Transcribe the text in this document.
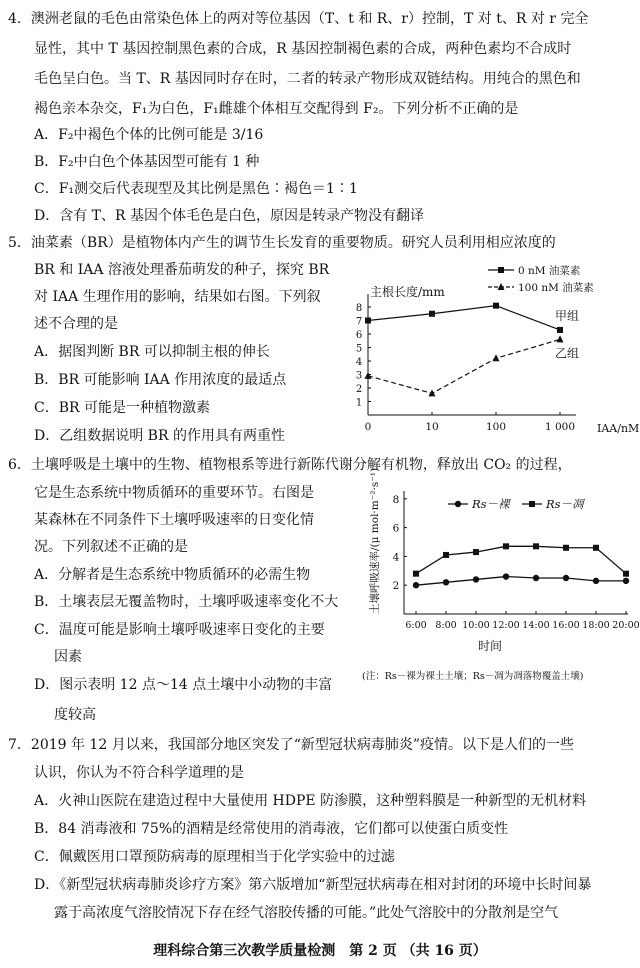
4．澳洲老鼠的毛色由常染色体上的两对等位基因（T、t 和 R、r）控制，T 对 t、R 对 r 完全
显性，其中 T 基因控制黑色素的合成，R 基因控制褐色素的合成，两种色素均不合成时
毛色呈白色。当 T、R 基因同时存在时，二者的转录产物形成双链结构。用纯合的黑色和
褐色亲本杂交，F₁为白色，F₁雌雄个体相互交配得到 F₂。下列分析不正确的是
A．F₂中褐色个体的比例可能是 3/16
B．F₂中白色个体基因型可能有 1 种
C．F₁测交后代表现型及其比例是黑色∶褐色＝1∶1
D．含有 T、R 基因个体毛色是白色，原因是转录产物没有翻译
5．油菜素（BR）是植物体内产生的调节生长发育的重要物质。研究人员利用相应浓度的
BR 和 IAA 溶液处理番茄萌发的种子，探究 BR
对 IAA 生理作用的影响，结果如右图。下列叙
述不合理的是
A．据图判断 BR 可以抑制主根的伸长
B．BR 可能影响 IAA 作用浓度的最适点
C．BR 可能是一种植物激素
D．乙组数据说明 BR 的作用具有两重性
主根长度/mm
IAA/nM
1
2
3
4
5
6
7
8
0	10	100	1 000
甲组
乙组
0 nM 油菜素
100 nM 油菜素
6．土壤呼吸是土壤中的生物、植物根系等进行新陈代谢分解有机物，释放出 CO₂ 的过程，
它是生态系统中物质循环的重要环节。右图是
某森林在不同条件下土壤呼吸速率的日变化情
况。下列叙述不正确的是
A．分解者是生态系统中物质循环的必需生物
B．土壤表层无覆盖物时，土壤呼吸速率变化不大
C．温度可能是影响土壤呼吸速率日变化的主要
因素
D．图示表明 12 点～14 点土壤中小动物的丰富
度较高
土壤呼吸速率/(μ mol·m⁻²·s⁻¹)
时间
(注：Rs－裸为裸土土壤；Rs－凋为凋落物覆盖土壤)
2
4
6
8
6:00 8:00 10:00 12:00 14:00 16:00 18:00 20:00
Rs－裸	Rs－凋
7．2019 年 12 月以来，我国部分地区突发了“新型冠状病毒肺炎”疫情。以下是人们的一些
认识，你认为不符合科学道理的是
A．火神山医院在建造过程中大量使用 HDPE 防渗膜，这种塑料膜是一种新型的无机材料
B．84 消毒液和 75%的酒精是经常使用的消毒液，它们都可以使蛋白质变性
C．佩戴医用口罩预防病毒的原理相当于化学实验中的过滤
D．《新型冠状病毒肺炎诊疗方案》第六版增加“新型冠状病毒在相对封闭的环境中长时间暴
露于高浓度气溶胶情况下存在经气溶胶传播的可能。”此处气溶胶中的分散剂是空气
理科综合第三次教学质量检测　第 2 页 （共 16 页）
